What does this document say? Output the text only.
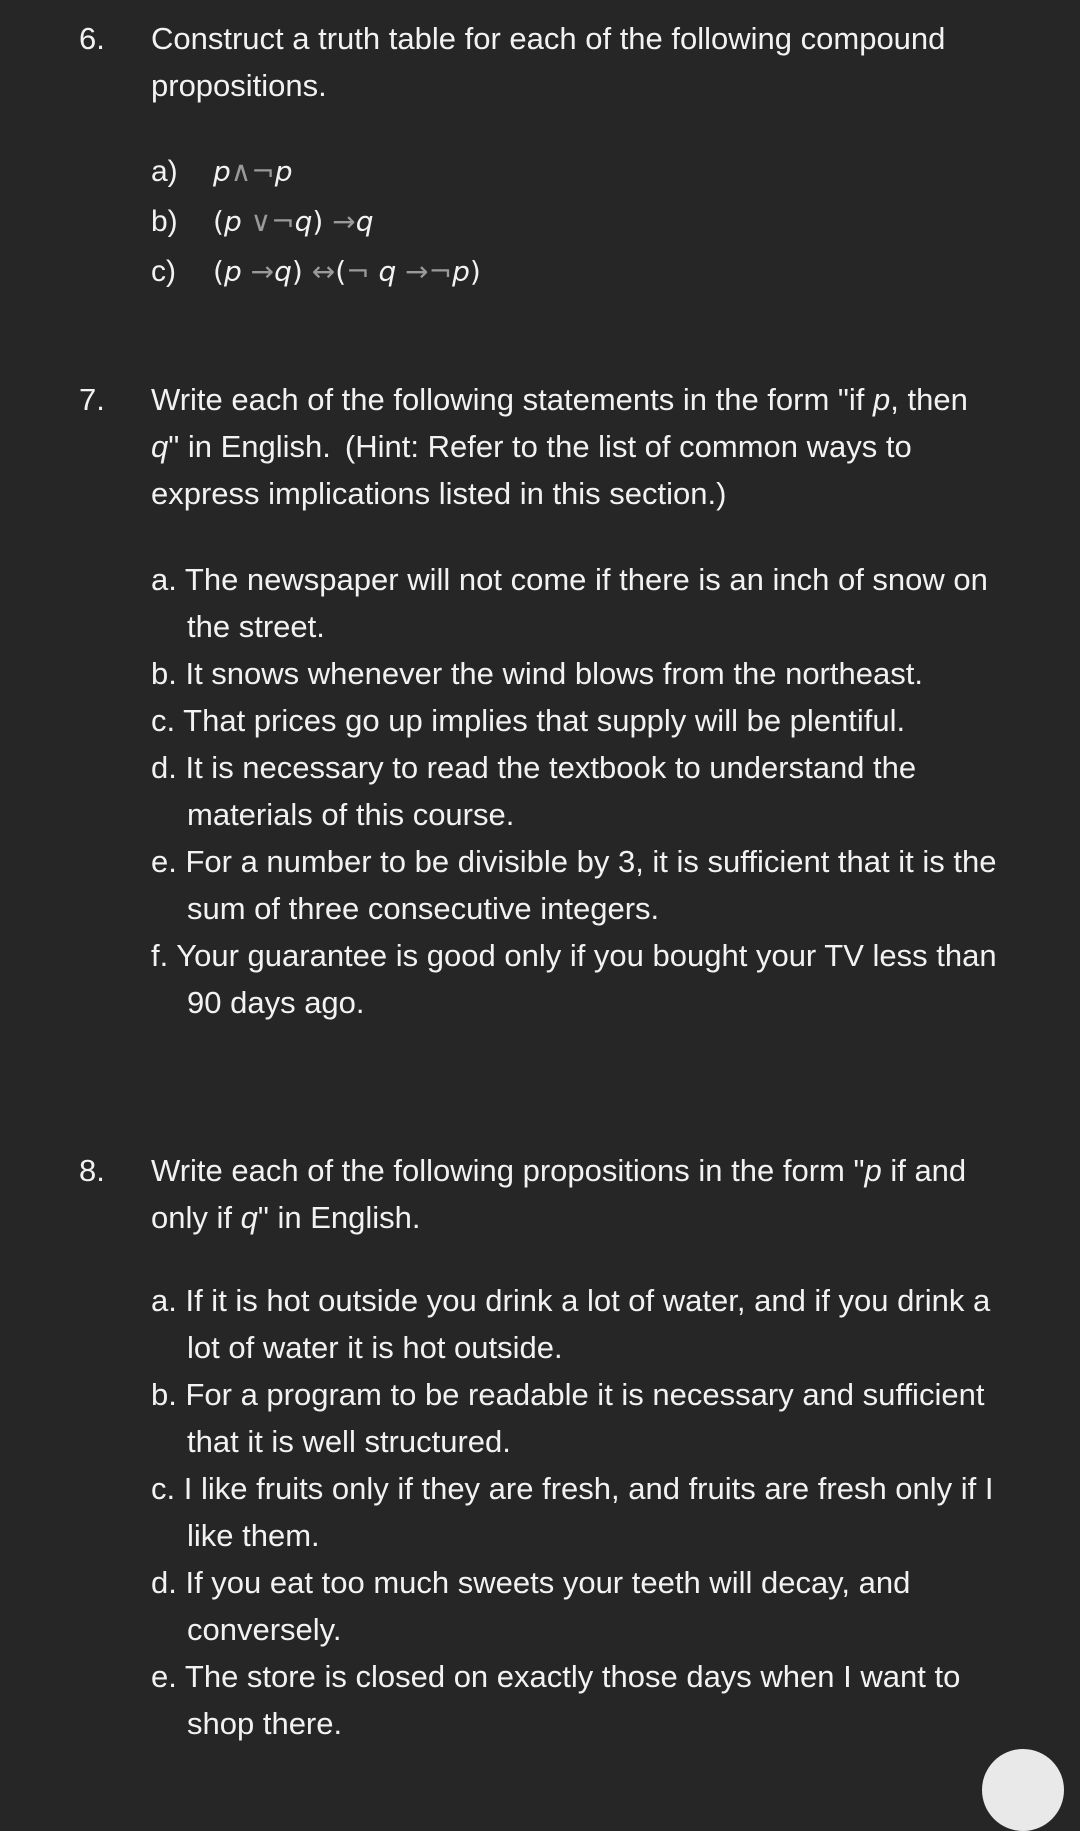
6. Construct a truth table for each of the following compound
propositions.
a)	p∧¬p
b)	(p ∨¬q) →q
c)	(p →q) ↔(¬ q →¬p)
7. Write each of the following statements in the form "if p, then
q" in English. (Hint: Refer to the list of common ways to
express implications listed in this section.)
a. The newspaper will not come if there is an inch of snow on the street.
b. It snows whenever the wind blows from the northeast.
c. That prices go up implies that supply will be plentiful.
d. It is necessary to read the textbook to understand the materials of this course.
e. For a number to be divisible by 3, it is sufficient that it is the sum of three consecutive integers.
f. Your guarantee is good only if you bought your TV less than 90 days ago.
8. Write each of the following propositions in the form "p if and
only if q" in English.
a. If it is hot outside you drink a lot of water, and if you drink a lot of water it is hot outside.
b. For a program to be readable it is necessary and sufficient that it is well structured.
c. I like fruits only if they are fresh, and fruits are fresh only if I like them.
d. If you eat too much sweets your teeth will decay, and conversely.
e. The store is closed on exactly those days when I want to shop there.
